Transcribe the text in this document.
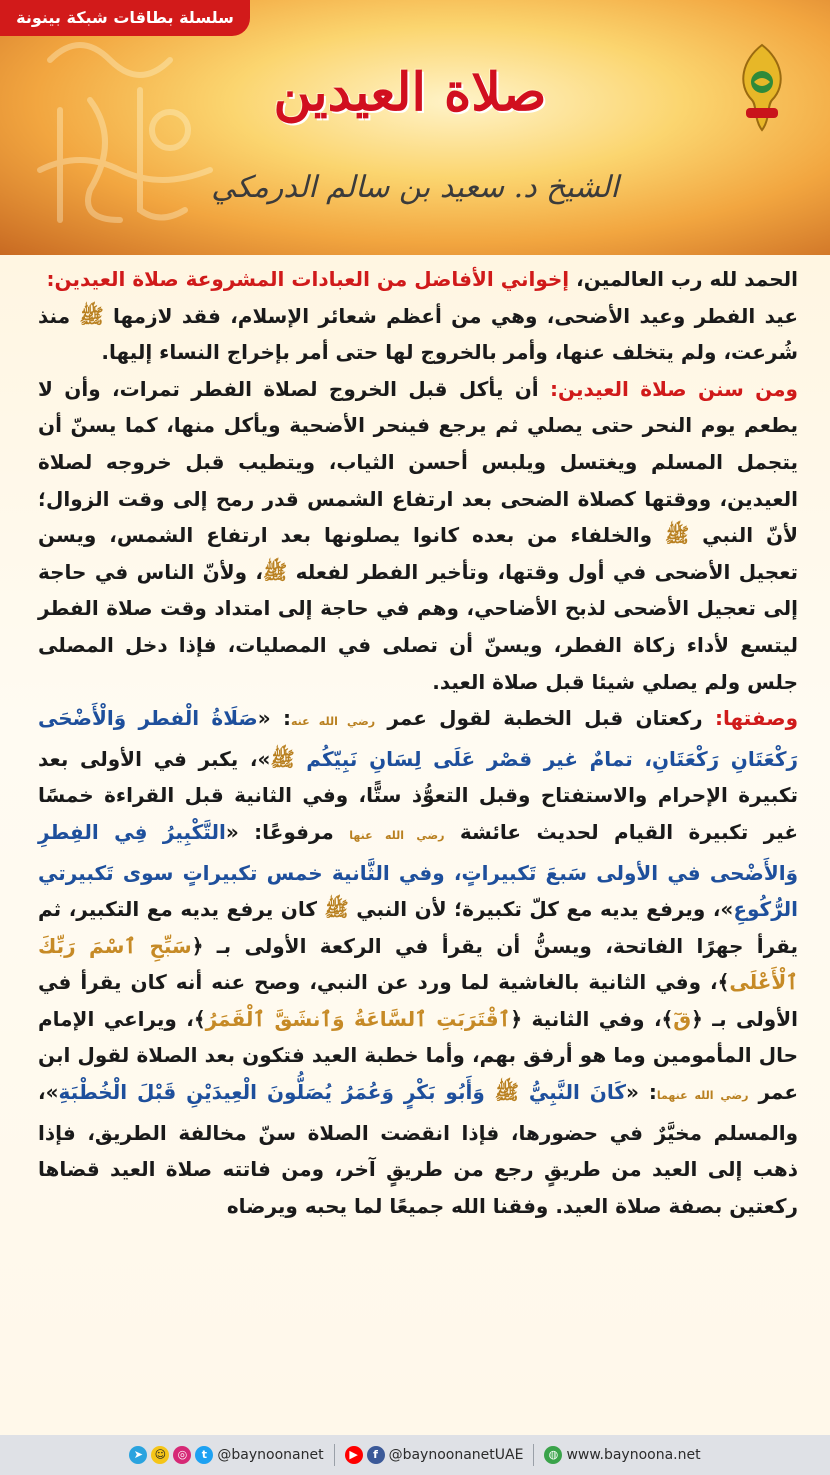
سلسلة بطاقات شبكة بينونة
صلاة العيدين
الشيخ د. سعيد بن سالم الدرمكي

الحمد لله رب العالمين، إخواني الأفاضل من العبادات المشروعة صلاة العيدين:

عيد الفطر وعيد الأضحى، وهي من أعظم شعائر الإسلام، فقد لازمها ﷺ منذ شُرعت، ولم يتخلف عنها، وأمر بالخروج لها حتى أمر بإخراج النساء إليها.

ومن سنن صلاة العيدين: أن يأكل قبل الخروج لصلاة الفطر تمرات، وأن لا يطعم يوم النحر حتى يصلي ثم يرجع فينحر الأضحية ويأكل منها، كما يسنّ أن يتجمل المسلم ويغتسل ويلبس أحسن الثياب، ويتطيب قبل خروجه لصلاة العيدين، ووقتها كصلاة الضحى بعد ارتفاع الشمس قدر رمح إلى وقت الزوال؛ لأنّ النبي ﷺ والخلفاء من بعده كانوا يصلونها بعد ارتفاع الشمس، ويسن تعجيل الأضحى في أول وقتها، وتأخير الفطر لفعله ﷺ، ولأنّ الناس في حاجة إلى تعجيل الأضحى لذبح الأضاحي، وهم في حاجة إلى امتداد وقت صلاة الفطر ليتسع لأداء زكاة الفطر، ويسنّ أن تصلى في المصليات، فإذا دخل المصلى جلس ولم يصلي شيئا قبل صلاة العيد.

وصفتها: ركعتان قبل الخطبة لقول عمر رضي الله عنه: «صَلَاةُ الْفطر وَالْأَضْحَى رَكْعَتَانِ رَكْعَتَانِ، تمامٌ غير قصْر عَلَى لِسَانِ نَبِيّكُم ﷺ»، يكبر في الأولى بعد تكبيرة الإحرام والاستفتاح وقبل التعوُّذ ستًّا، وفي الثانية قبل القراءة خمسًا غير تكبيرة القيام لحديث عائشة رضي الله عنها مرفوعًا: «التَّكْبِيرُ فِي الفِطرِ وَالأَضْحى في الأولى سَبعَ تَكبيراتٍ، وفي الثَّانية خمس تكبيراتٍ سوى تَكبيرتي الرُّكُوعِ»، ويرفع يديه مع كلّ تكبيرة؛ لأن النبي ﷺ كان يرفع يديه مع التكبير، ثم يقرأ جهرًا الفاتحة، ويسنُّ أن يقرأ في الركعة الأولى بـ ﴿سَبِّحِ ٱسْمَ رَبِّكَ ٱلْأَعْلَى﴾، وفي الثانية بالغاشية لما ورد عن النبي، وصح عنه أنه كان يقرأ في الأولى بـ ﴿قٓ﴾، وفي الثانية ﴿ٱقْتَرَبَتِ ٱلسَّاعَةُ وَٱنشَقَّ ٱلْقَمَرُ﴾، ويراعي الإمام حال المأمومين وما هو أرفق بهم، وأما خطبة العيد فتكون بعد الصلاة لقول ابن عمر رضي الله عنهما: «كَانَ النَّبِيُّ ﷺ وَأَبُو بَكْرٍ وَعُمَرُ يُصَلُّونَ الْعِيدَيْنِ قَبْلَ الْخُطْبَةِ»، والمسلم مخيَّرٌ في حضورها، فإذا انقضت الصلاة سنّ مخالفة الطريق، فإذا ذهب إلى العيد من طريقٍ رجع من طريقٍ آخر، ومن فاتته صلاة العيد قضاها ركعتين بصفة صلاة العيد. وفقنا الله جميعًا لما يحبه ويرضاه

➤	☺	◎	t @baynoonanet	▶	f @baynoonanetUAE	◍ www.baynoona.net
